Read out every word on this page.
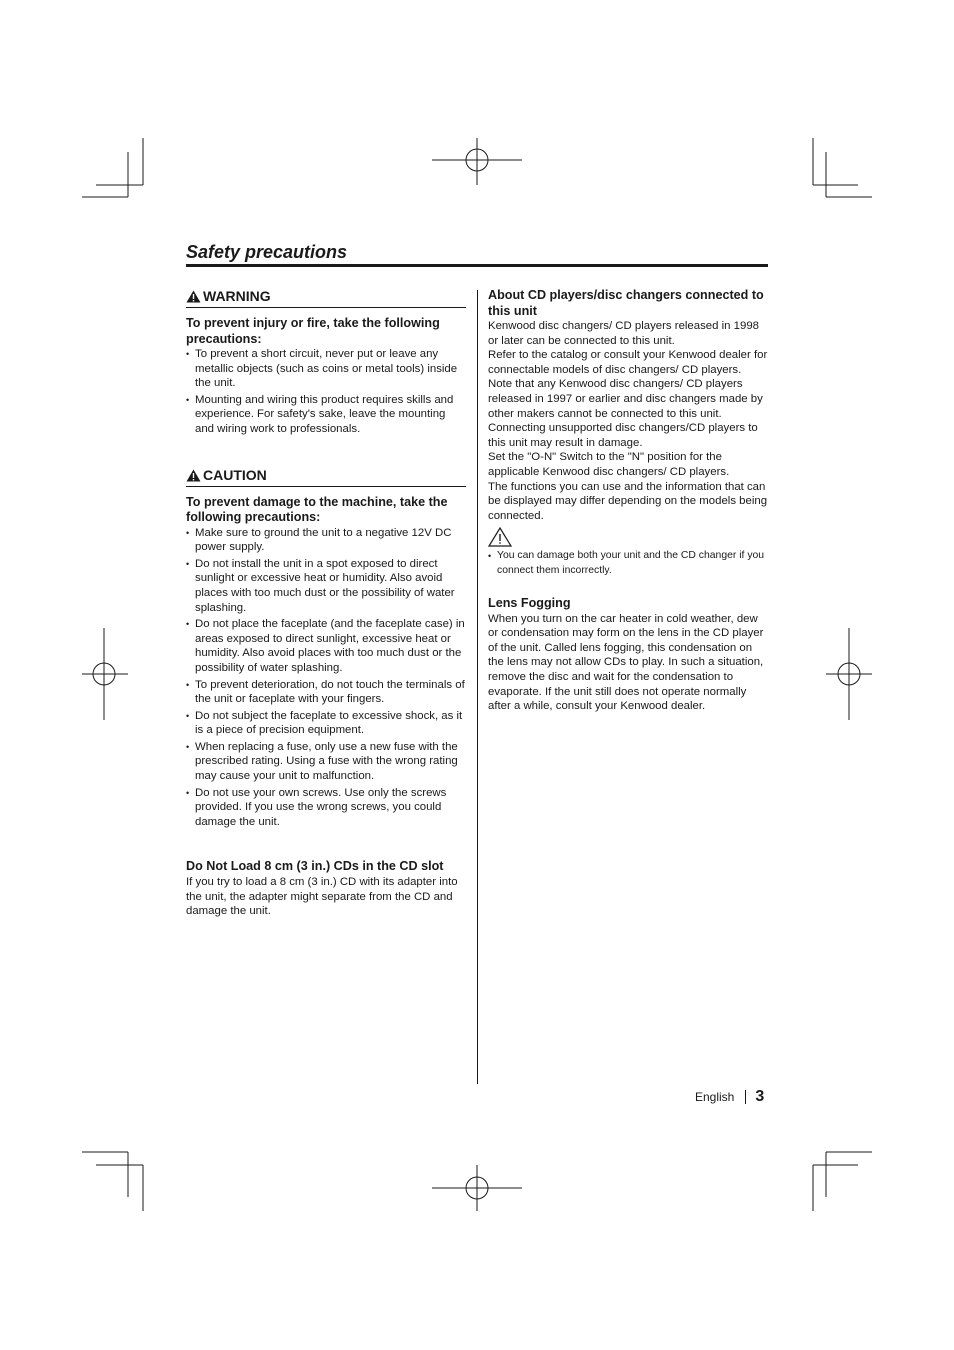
Safety precautions
WARNING
To prevent injury or fire, take the following precautions:
• To prevent a short circuit, never put or leave any metallic objects (such as coins or metal tools) inside the unit.
• Mounting and wiring this product requires skills and experience. For safety's sake, leave the mounting and wiring work to professionals.
CAUTION
To prevent damage to the machine, take the following precautions:
• Make sure to ground the unit to a negative 12V DC power supply.
• Do not install the unit in a spot exposed to direct sunlight or excessive heat or humidity. Also avoid places with too much dust or the possibility of water splashing.
• Do not place the faceplate (and the faceplate case) in areas exposed to direct sunlight, excessive heat or humidity. Also avoid places with too much dust or the possibility of water splashing.
• To prevent deterioration, do not touch the terminals of the unit or faceplate with your fingers.
• Do not subject the faceplate to excessive shock, as it is a piece of precision equipment.
• When replacing a fuse, only use a new fuse with the prescribed rating. Using a fuse with the wrong rating may cause your unit to malfunction.
• Do not use your own screws. Use only the screws provided. If you use the wrong screws, you could damage the unit.
Do Not Load 8 cm (3 in.) CDs in the CD slot
If you try to load a 8 cm (3 in.) CD with its adapter into the unit, the adapter might separate from the CD and damage the unit.
About CD players/disc changers connected to this unit
Kenwood disc changers/ CD players released in 1998 or later can be connected to this unit.
Refer to the catalog or consult your Kenwood dealer for connectable models of disc changers/ CD players.
Note that any Kenwood disc changers/ CD players released in 1997 or earlier and disc changers made by other makers cannot be connected to this unit.
Connecting unsupported disc changers/CD players to this unit may result in damage.
Set the "O-N" Switch to the "N" position for the applicable Kenwood disc changers/ CD players.
The functions you can use and the information that can be displayed may differ depending on the models being connected.
• You can damage both your unit and the CD changer if you connect them incorrectly.
Lens Fogging
When you turn on the car heater in cold weather, dew or condensation may form on the lens in the CD player of the unit. Called lens fogging, this condensation on the lens may not allow CDs to play. In such a situation, remove the disc and wait for the condensation to evaporate. If the unit still does not operate normally after a while, consult your Kenwood dealer.
English 3
